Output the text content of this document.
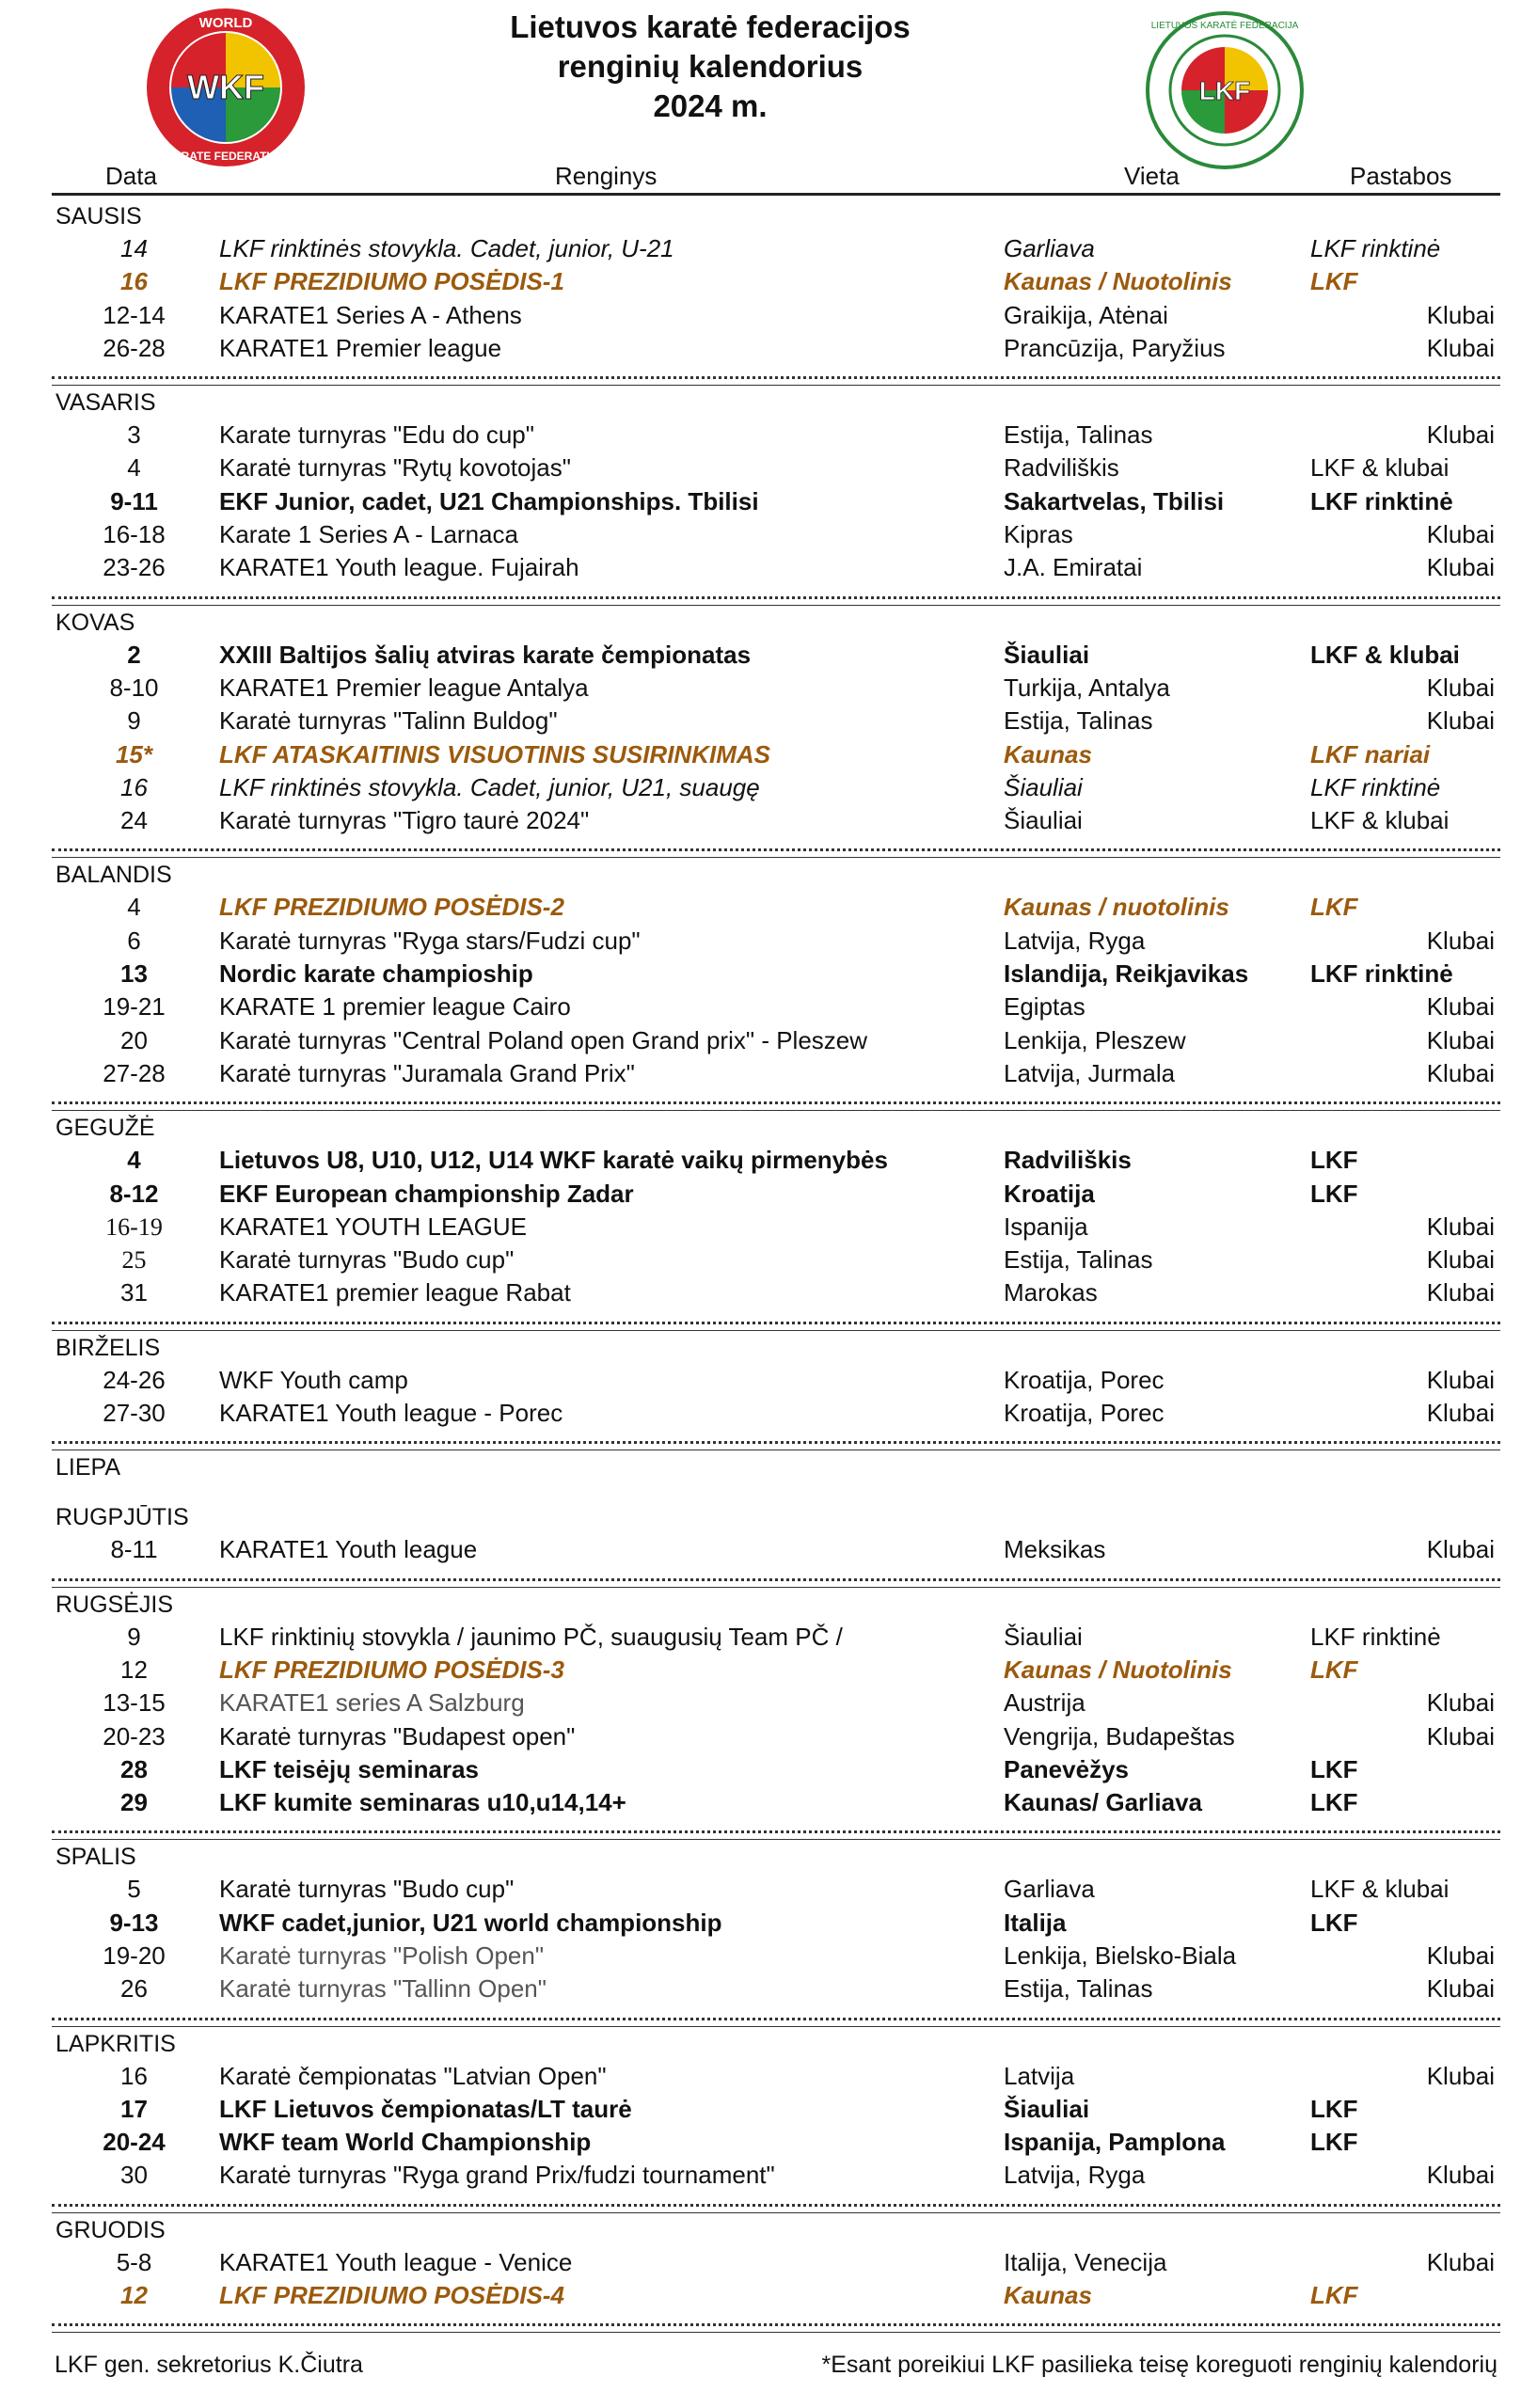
WKF
WORLD
KARATE FEDERATION
Lietuvos karatė federacijos
renginių kalendorius
2024 m.	LKF
LIETUVOS KARATĖ FEDERACIJA
Data	Renginys	Vieta	Pastabos
SAUSIS
14	LKF rinktinės stovykla. Cadet, junior, U-21	Garliava	LKF rinktinė
16	LKF PREZIDIUMO POSĖDIS-1	Kaunas / Nuotolinis	LKF
12-14	KARATE1 Series A - Athens	Graikija, Atėnai	Klubai
26-28	KARATE1 Premier league	Prancūzija, Paryžius	Klubai
VASARIS
3	Karate turnyras "Edu do cup"	Estija, Talinas	Klubai
4	Karatė turnyras "Rytų kovotojas"	Radviliškis	LKF & klubai
9-11	EKF Junior, cadet, U21 Championships. Tbilisi	Sakartvelas, Tbilisi	LKF rinktinė
16-18	Karate 1 Series A - Larnaca	Kipras	Klubai
23-26	KARATE1 Youth league. Fujairah	J.A. Emiratai	Klubai
KOVAS
2	XXIII Baltijos šalių atviras karate čempionatas	Šiauliai	LKF & klubai
8-10	KARATE1 Premier league Antalya	Turkija, Antalya	Klubai
9	Karatė turnyras "Talinn Buldog"	Estija, Talinas	Klubai
15*	LKF ATASKAITINIS VISUOTINIS SUSIRINKIMAS	Kaunas	LKF nariai
16	LKF rinktinės stovykla. Cadet, junior, U21, suaugę	Šiauliai	LKF rinktinė
24	Karatė turnyras "Tigro taurė 2024"	Šiauliai	LKF & klubai
BALANDIS
4	LKF PREZIDIUMO POSĖDIS-2	Kaunas / nuotolinis	LKF
6	Karatė turnyras "Ryga stars/Fudzi cup"	Latvija, Ryga	Klubai
13	Nordic karate champioship	Islandija, Reikjavikas	LKF rinktinė
19-21	KARATE 1 premier league Cairo	Egiptas	Klubai
20	Karatė turnyras "Central Poland open Grand prix" - Pleszew	Lenkija, Pleszew	Klubai
27-28	Karatė turnyras "Juramala Grand Prix"	Latvija, Jurmala	Klubai
GEGUŽĖ
4	Lietuvos U8, U10, U12, U14 WKF karatė vaikų pirmenybės	Radviliškis	LKF
8-12	EKF European championship Zadar	Kroatija	LKF
16-19	KARATE1 YOUTH LEAGUE	Ispanija	Klubai
25	Karatė turnyras "Budo cup"	Estija, Talinas	Klubai
31	KARATE1 premier league Rabat	Marokas	Klubai
BIRŽELIS
24-26	WKF Youth camp	Kroatija, Porec	Klubai
27-30	KARATE1 Youth league - Porec	Kroatija, Porec	Klubai
LIEPA
RUGPJŪTIS
8-11	KARATE1 Youth league	Meksikas	Klubai
RUGSĖJIS
9	LKF rinktinių stovykla / jaunimo PČ, suaugusių Team PČ /	Šiauliai	LKF rinktinė
12	LKF PREZIDIUMO POSĖDIS-3	Kaunas / Nuotolinis	LKF
13-15	KARATE1 series A Salzburg	Austrija	Klubai
20-23	Karatė turnyras "Budapest open"	Vengrija, Budapeštas	Klubai
28	LKF teisėjų seminaras	Panevėžys	LKF
29	LKF kumite seminaras u10,u14,14+	Kaunas/ Garliava	LKF
SPALIS
5	Karatė turnyras "Budo cup"	Garliava	LKF & klubai
9-13	WKF cadet,junior, U21 world championship	Italija	LKF
19-20	Karatė turnyras "Polish Open"	Lenkija, Bielsko-Biala	Klubai
26	Karatė turnyras "Tallinn Open"	Estija, Talinas	Klubai
LAPKRITIS
16	Karatė čempionatas "Latvian Open"	Latvija	Klubai
17	LKF Lietuvos čempionatas/LT taurė	Šiauliai	LKF
20-24	WKF team World Championship	Ispanija, Pamplona	LKF
30	Karatė turnyras "Ryga grand Prix/fudzi tournament"	Latvija, Ryga	Klubai
GRUODIS
5-8	KARATE1 Youth league - Venice	Italija, Venecija	Klubai
12	LKF PREZIDIUMO POSĖDIS-4	Kaunas	LKF
LKF gen. sekretorius K.Čiutra	*Esant poreikiui LKF pasilieka teisę koreguoti renginių kalendorių
